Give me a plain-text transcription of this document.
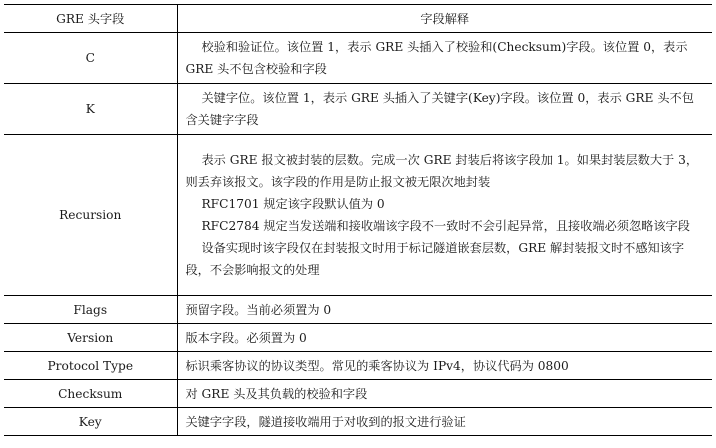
GRE 头字段	字段解释
C	校验和验证位。该位置 1，表示 GRE 头插入了校验和(Checksum)字段。该位置 0，表示 GRE 头不包含校验和字段

K	关键字位。该位置 1，表示 GRE 头插入了关键字(Key)字段。该位置 0，表示 GRE 头不包含关键字字段

Recursion	表示 GRE 报文被封装的层数。完成一次 GRE 封装后将该字段加 1。如果封装层数大于 3，则丢弃该报文。该字段的作用是防止报文被无限次地封装
RFC1701 规定该字段默认值为 0
RFC2784 规定当发送端和接收端该字段不一致时不会引起异常，且接收端必须忽略该字段
设备实现时该字段仅在封装报文时用于标记隧道嵌套层数，GRE 解封装报文时不感知该字段，不会影响报文的处理

Flags	预留字段。当前必须置为 0

Version	版本字段。必须置为 0

Protocol Type	标识乘客协议的协议类型。常见的乘客协议为 IPv4，协议代码为 0800

Checksum	对 GRE 头及其负载的校验和字段

Key	关键字字段，隧道接收端用于对收到的报文进行验证
